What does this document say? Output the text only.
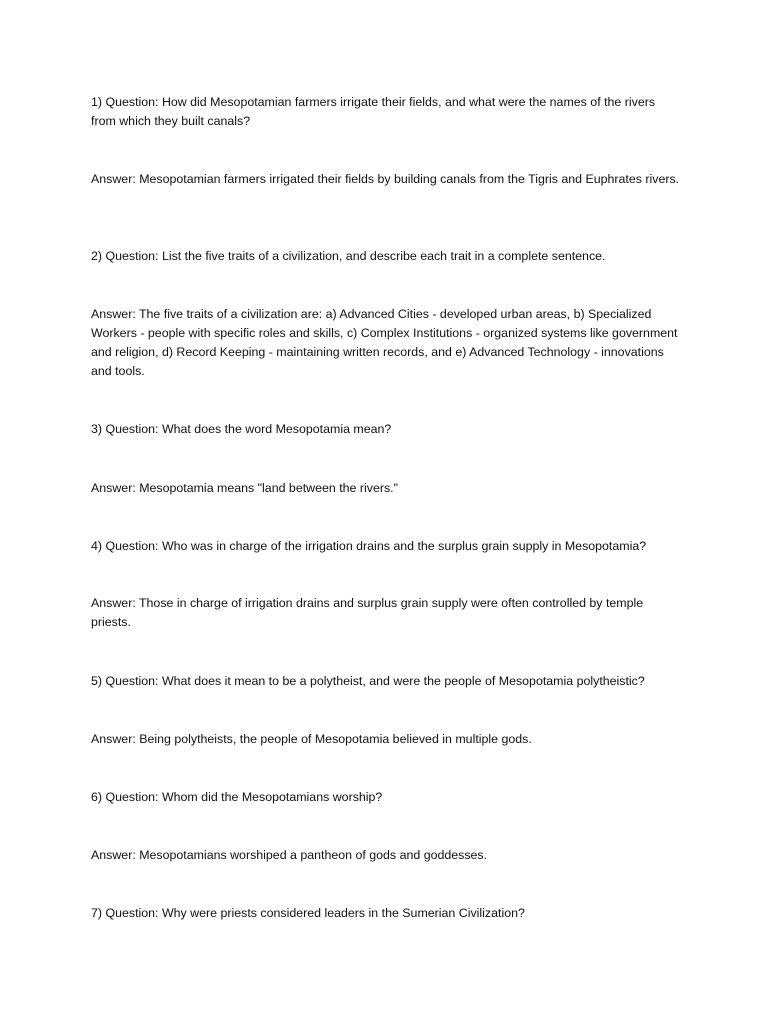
1) Question: How did Mesopotamian farmers irrigate their fields, and what were the names of the rivers from which they built canals?
Answer: Mesopotamian farmers irrigated their fields by building canals from the Tigris and Euphrates rivers.
2) Question: List the five traits of a civilization, and describe each trait in a complete sentence.
Answer: The five traits of a civilization are: a) Advanced Cities - developed urban areas, b) Specialized Workers - people with specific roles and skills, c) Complex Institutions - organized systems like government and religion, d) Record Keeping - maintaining written records, and e) Advanced Technology - innovations and tools.
3) Question: What does the word Mesopotamia mean?
Answer: Mesopotamia means "land between the rivers."
4) Question: Who was in charge of the irrigation drains and the surplus grain supply in Mesopotamia?
Answer: Those in charge of irrigation drains and surplus grain supply were often controlled by temple priests.
5) Question: What does it mean to be a polytheist, and were the people of Mesopotamia polytheistic?
Answer: Being polytheists, the people of Mesopotamia believed in multiple gods.
6) Question: Whom did the Mesopotamians worship?
Answer: Mesopotamians worshiped a pantheon of gods and goddesses.
7) Question: Why were priests considered leaders in the Sumerian Civilization?
